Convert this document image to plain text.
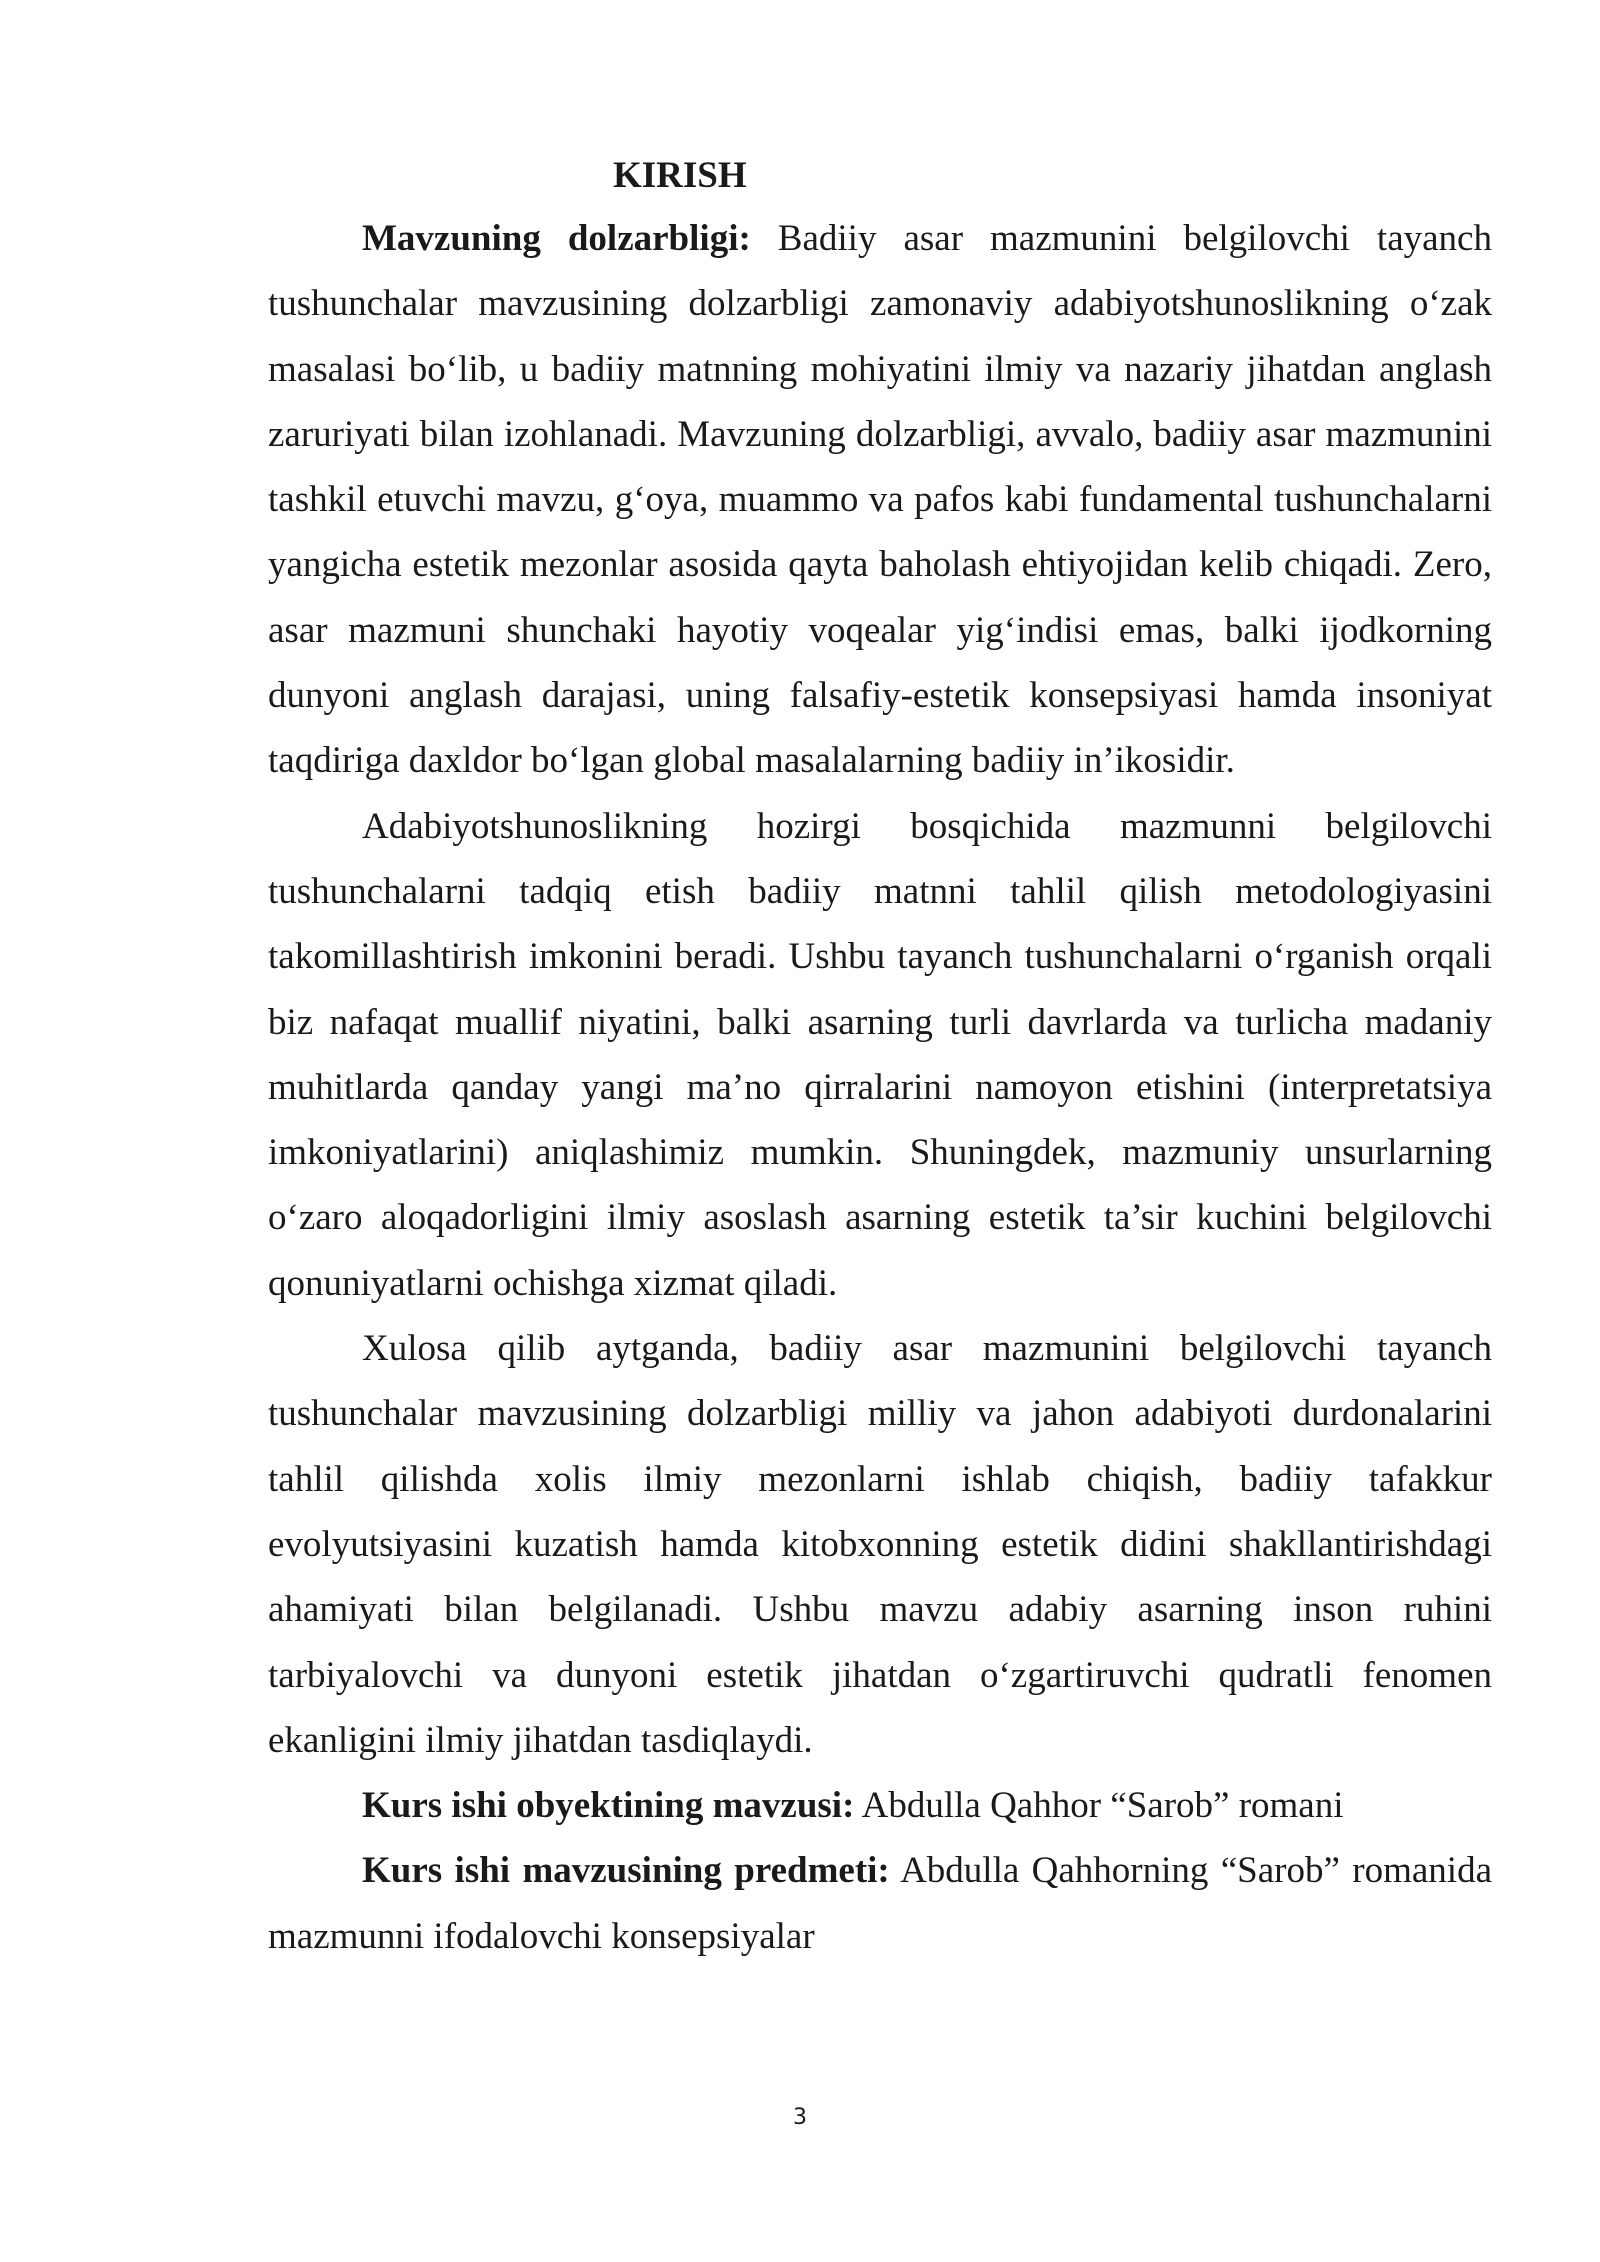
KIRISH

Mavzuning dolzarbligi: Badiiy asar mazmunini belgilovchi tayanch tushunchalar mavzusining dolzarbligi zamonaviy adabiyotshunoslikning o‘zak masalasi bo‘lib, u badiiy matnning mohiyatini ilmiy va nazariy jihatdan anglash zaruriyati bilan izohlanadi. Mavzuning dolzarbligi, avvalo, badiiy asar mazmunini tashkil etuvchi mavzu, g‘oya, muammo va pafos kabi fundamental tushunchalarni yangicha estetik mezonlar asosida qayta baholash ehtiyojidan kelib chiqadi. Zero, asar mazmuni shunchaki hayotiy voqealar yig‘indisi emas, balki ijodkorning dunyoni anglash darajasi, uning falsafiy-estetik konsepsiyasi hamda insoniyat taqdiriga daxldor bo‘lgan global masalalarning badiiy in’ikosidir.

Adabiyotshunoslikning hozirgi bosqichida mazmunni belgilovchi tushunchalarni tadqiq etish badiiy matnni tahlil qilish metodologiyasini takomillashtirish imkonini beradi. Ushbu tayanch tushunchalarni o‘rganish orqali biz nafaqat muallif niyatini, balki asarning turli davrlarda va turlicha madaniy muhitlarda qanday yangi ma’no qirralarini namoyon etishini (interpretatsiya imkoniyatlarini) aniqlashimiz mumkin. Shuningdek, mazmuniy unsurlarning o‘zaro aloqadorligini ilmiy asoslash asarning estetik ta’sir kuchini belgilovchi qonuniyatlarni ochishga xizmat qiladi.

Xulosa qilib aytganda, badiiy asar mazmunini belgilovchi tayanch tushunchalar mavzusining dolzarbligi milliy va jahon adabiyoti durdonalarini tahlil qilishda xolis ilmiy mezonlarni ishlab chiqish, badiiy tafakkur evolyutsiyasini kuzatish hamda kitobxonning estetik didini shakllantirishdagi ahamiyati bilan belgilanadi. Ushbu mavzu adabiy asarning inson ruhini tarbiyalovchi va dunyoni estetik jihatdan o‘zgartiruvchi qudratli fenomen ekanligini ilmiy jihatdan tasdiqlaydi.

Kurs ishi obyektining mavzusi: Abdulla Qahhor “Sarob” romani

Kurs ishi mavzusining predmeti: Abdulla Qahhorning “Sarob” romanida mazmunni ifodalovchi konsepsiyalar

3
